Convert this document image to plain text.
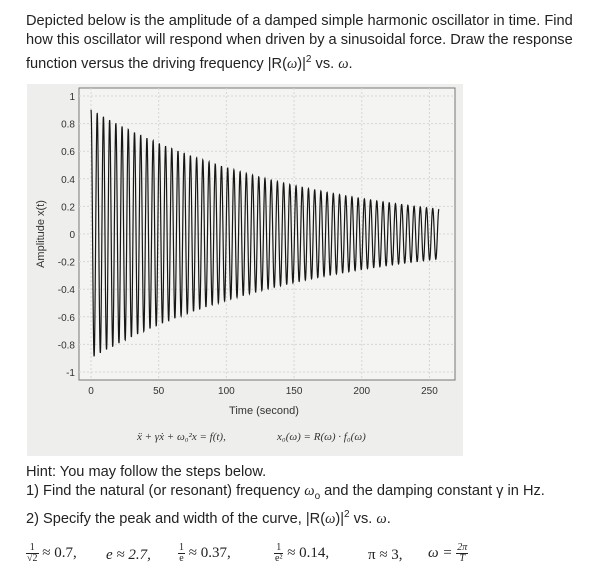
Depicted below is the amplitude of a damped simple harmonic oscillator in time. Find
how this oscillator will respond when driven by a sinusoidal force. Draw the response
function versus the driving frequency $|R(\omega)|^2$ vs. ω.
1
0.8
0.6
0.4
0.2
0
-0.2
-0.4
-0.6
-0.8
-1
0	50	100	150	200	250
Amplitude x(t)
Time (second)
ẍ + γẋ + ω₀²x = f(t),	x₀(ω) = R(ω) · f₀(ω)
Hint: You may follow the steps below.
1) Find the natural (or resonant) frequency $\omega_o$ and the damping constant γ in Hz.
2) Specify the peak and width of the curve, $|R(\omega)|^2$ vs. ω.
$\frac{1}{√2} \approx 0.7$, e ≈ 2.7,	$\frac{1}{e} \approx 0.37$,	$\frac{1}{\text{e²}} \approx 0.14$,	π ≈ 3, $\omega = \frac{2\pi}{T}$
